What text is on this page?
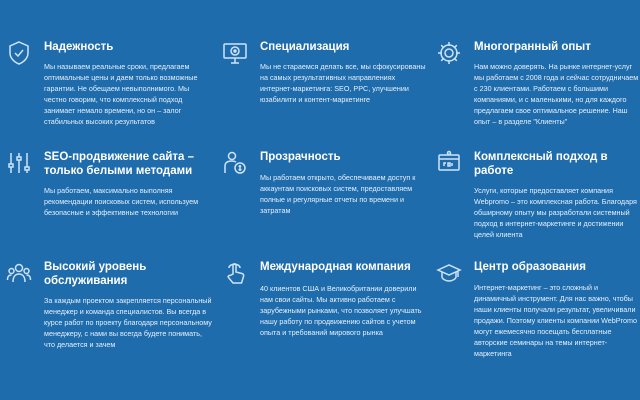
Надежность

Мы называем реальные сроки, предлагаем оптимальные цены и даем только возможные гарантии. Не обещаем невыполнимого. Мы честно говорим, что комплексный подход занимает немало времени, но он – залог стабильных высоких результатов

Специализация

Мы не стараемся делать все, мы сфокусированы на самых результативных направлениях интернет-маркетинга: SEO, PPC, улучшении юзабилити и контент-маркетинге

Многогранный опыт

Нам можно доверять. На рынке интернет-услуг мы работаем с 2008 года и сейчас сотрудничаем с 230 клиентами. Работаем с большими компаниями, и с маленькими, но для каждого предлагаем свое оптимальное решение. Наш опыт – в разделе "Клиенты"

SEO-продвижение сайта – только белыми методами

Мы работаем, максимально выполняя рекомендации поисковых систем, используем безопасные и эффективные технологии

Прозрачность

Мы работаем открыто, обеспечиваем доступ к аккаунтам поисковых систем, предоставляем полные и регулярные отчеты по времени и затратам

Комплексный подход в работе

Услуги, которые предоставляет компания Webpromo – это комплексная работа. Благодаря обширному опыту мы разработали системный подход в интернет-маркетинге и достижении целей клиента

Высокий уровень обслуживания

За каждым проектом закрепляется персональный менеджер и команда специалистов. Вы всегда в курсе работ по проекту благодаря персональному менеджеру, с нами вы всегда будете понимать, что делается и зачем

Международная компания

40 клиентов США и Великобритании доверили нам свои сайты. Мы активно работаем с зарубежными рынками, что позволяет улучшать нашу работу по продвижению сайтов с учетом опыта и требований мирового рынка

Центр образования

Интернет-маркетинг – это сложный и динамичный инструмент. Для нас важно, чтобы наши клиенты получали результат, увеличивали продажи. Поэтому клиенты компании WebPromo могут ежемесячно посещать бесплатные авторские семинары на темы интернет-маркетинга
